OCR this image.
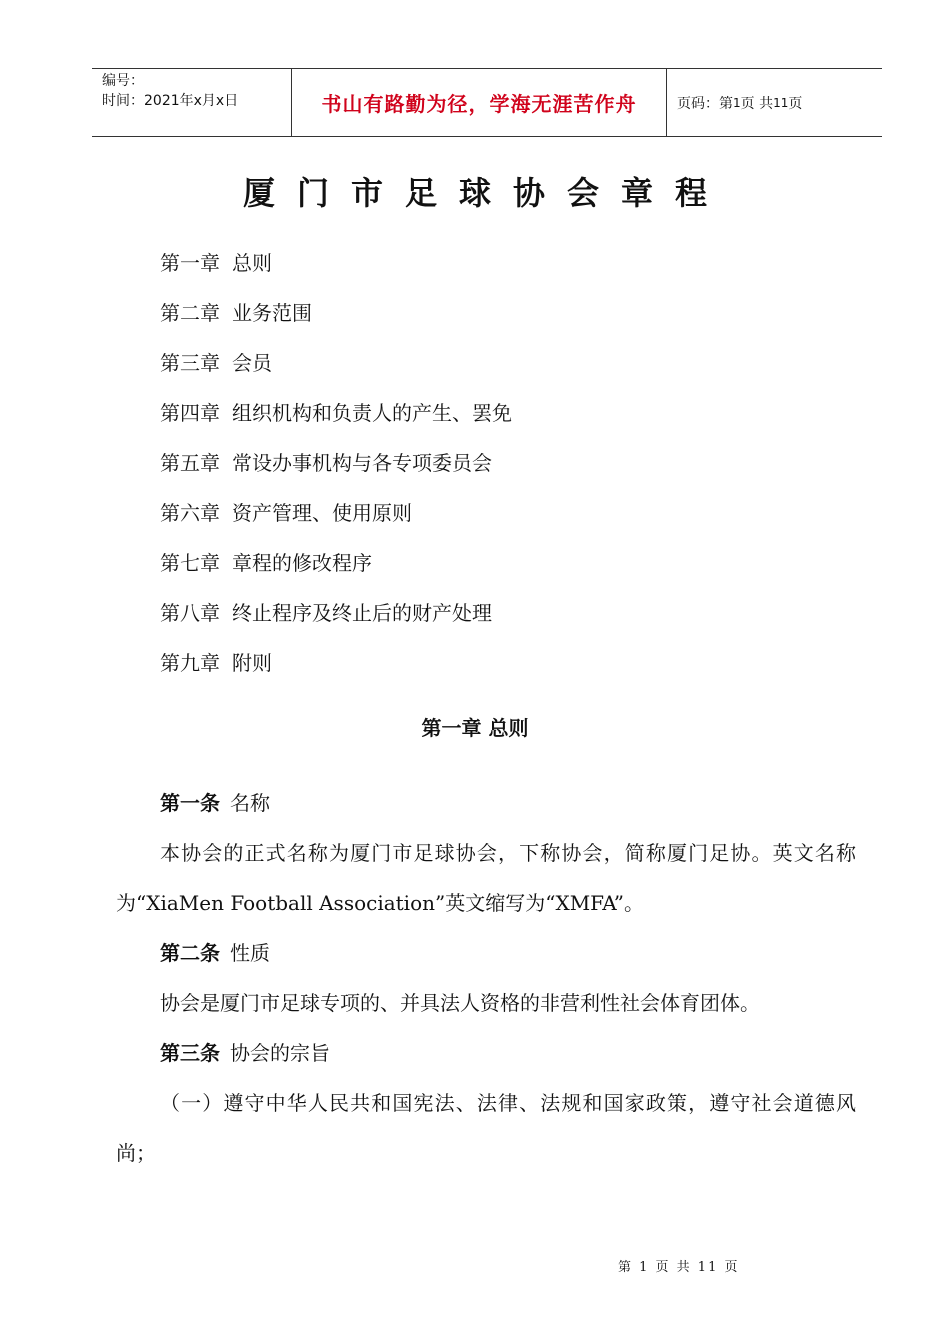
编号：
时间：2021年x月x日	书山有路勤为径，学海无涯苦作舟	页码：第 1 页 共 11 页
厦门市足球协会章程
第一章 总则
第二章 业务范围
第三章 会员
第四章 组织机构和负责人的产生、罢免
第五章 常设办事机构与各专项委员会
第六章 资产管理、使用原则
第七章 章程的修改程序
第八章 终止程序及终止后的财产处理
第九章 附则
第一章 总则

第一条 名称

本协会的正式名称为厦门市足球协会，下称协会，简称厦门足协。英文名称为“XiaMen Football Association”英文缩写为“XMFA”。

第二条 性质

协会是厦门市足球专项的、并具法人资格的非营利性社会体育团体。

第三条 协会的宗旨

（一）遵守中华人民共和国宪法、法律、法规和国家政策，遵守社会道德风尚；

第 1 页 共 11 页
